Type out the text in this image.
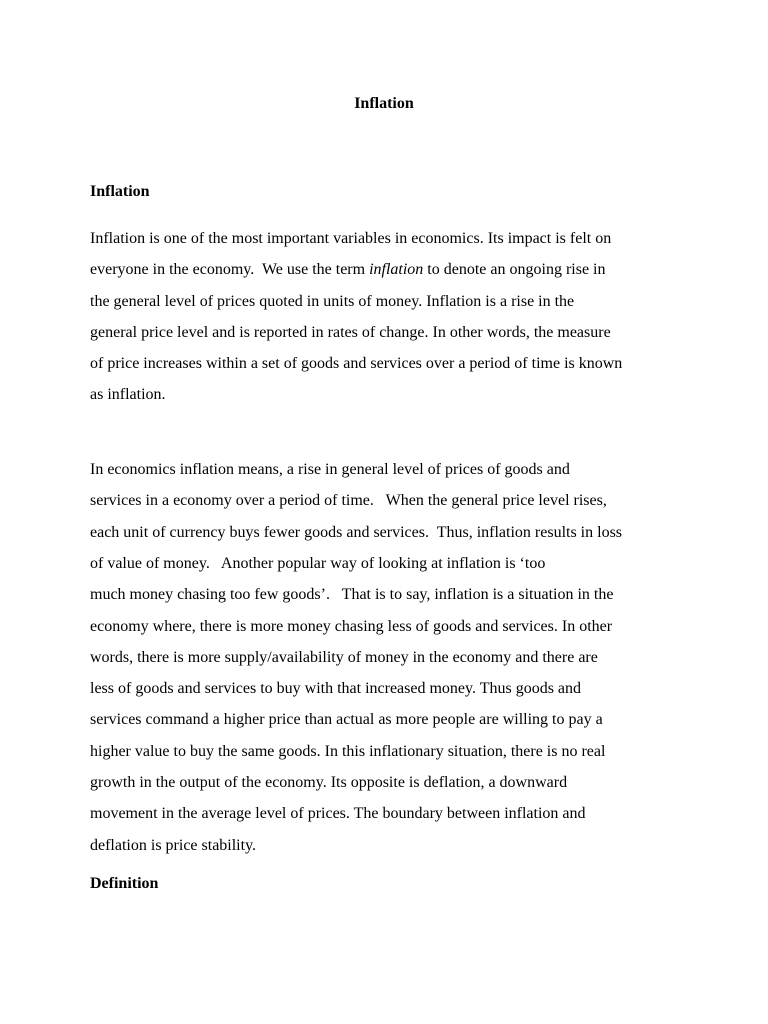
Inflation
Inflation

Inflation is one of the most important variables in economics. Its impact is felt on
everyone in the economy.  We use the term inflation to denote an ongoing rise in
the general level of prices quoted in units of money. Inflation is a rise in the
general price level and is reported in rates of change. In other words, the measure
of price increases within a set of goods and services over a period of time is known
as inflation.

In economics inflation means, a rise in general level of prices of goods and
services in a economy over a period of time.   When the general price level rises,
each unit of currency buys fewer goods and services.  Thus, inflation results in loss
of value of money.   Another popular way of looking at inflation is ‘too
much money chasing too few goods’.   That is to say, inflation is a situation in the
economy where, there is more money chasing less of goods and services. In other
words, there is more supply/availability of money in the economy and there are
less of goods and services to buy with that increased money. Thus goods and
services command a higher price than actual as more people are willing to pay a
higher value to buy the same goods. In this inflationary situation, there is no real
growth in the output of the economy. Its opposite is deflation, a downward
movement in the average level of prices. The boundary between inflation and
deflation is price stability.

Definition
